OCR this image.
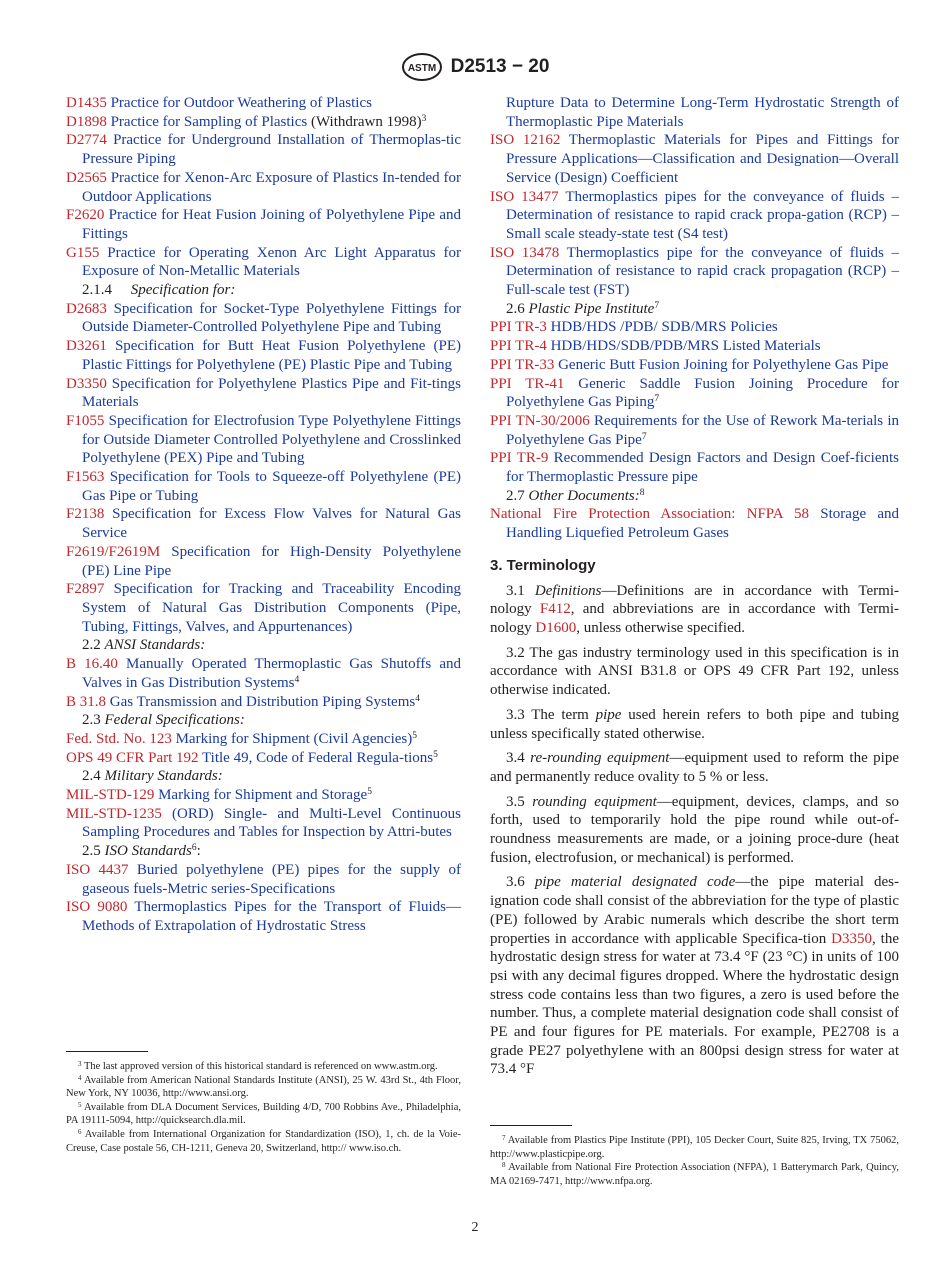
ASTM D2513 − 20
D1435 Practice for Outdoor Weathering of Plastics
D1898 Practice for Sampling of Plastics (Withdrawn 1998)$^3$
D2774 Practice for Underground Installation of Thermoplas-tic Pressure Piping
D2565 Practice for Xenon-Arc Exposure of Plastics In-tended for Outdoor Applications
F2620 Practice for Heat Fusion Joining of Polyethylene Pipe and Fittings
G155 Practice for Operating Xenon Arc Light Apparatus for Exposure of Non-Metallic Materials
2.1.4 Specification for:
D2683 Specification for Socket-Type Polyethylene Fittings for Outside Diameter-Controlled Polyethylene Pipe and Tubing
D3261 Specification for Butt Heat Fusion Polyethylene (PE) Plastic Fittings for Polyethylene (PE) Plastic Pipe and Tubing
D3350 Specification for Polyethylene Plastics Pipe and Fit-tings Materials
F1055 Specification for Electrofusion Type Polyethylene Fittings for Outside Diameter Controlled Polyethylene and Crosslinked Polyethylene (PEX) Pipe and Tubing
F1563 Specification for Tools to Squeeze-off Polyethylene (PE) Gas Pipe or Tubing
F2138 Specification for Excess Flow Valves for Natural Gas Service
F2619/F2619M Specification for High-Density Polyethylene (PE) Line Pipe
F2897 Specification for Tracking and Traceability Encoding System of Natural Gas Distribution Components (Pipe, Tubing, Fittings, Valves, and Appurtenances)
2.2 ANSI Standards:
B 16.40 Manually Operated Thermoplastic Gas Shutoffs and Valves in Gas Distribution Systems$^4$
B 31.8 Gas Transmission and Distribution Piping Systems$^4$
2.3 Federal Specifications:
Fed. Std. No. 123 Marking for Shipment (Civil Agencies)$^5$
OPS 49 CFR Part 192 Title 49, Code of Federal Regula-tions$^5$
2.4 Military Standards:
MIL-STD-129 Marking for Shipment and Storage$^5$
MIL-STD-1235 (ORD) Single- and Multi-Level Continuous Sampling Procedures and Tables for Inspection by Attri-butes
2.5 ISO Standards$^6$:
ISO 4437 Buried polyethylene (PE) pipes for the supply of gaseous fuels-Metric series-Specifications
ISO 9080 Thermoplastics Pipes for the Transport of Fluids—Methods of Extrapolation of Hydrostatic Stress
Rupture Data to Determine Long-Term Hydrostatic Strength of Thermoplastic Pipe Materials
ISO 12162 Thermoplastic Materials for Pipes and Fittings for Pressure Applications—Classification and Designation—Overall Service (Design) Coefficient
ISO 13477 Thermoplastics pipes for the conveyance of fluids – Determination of resistance to rapid crack propa-gation (RCP) – Small scale steady-state test (S4 test)
ISO 13478 Thermoplastics pipe for the conveyance of fluids – Determination of resistance to rapid crack propagation (RCP) – Full-scale test (FST)
2.6 Plastic Pipe Institute$^7$
PPI TR-3 HDB/HDS /PDB/ SDB/MRS Policies
PPI TR-4 HDB/HDS/SDB/PDB/MRS Listed Materials
PPI TR-33 Generic Butt Fusion Joining for Polyethylene Gas Pipe
PPI TR-41 Generic Saddle Fusion Joining Procedure for Polyethylene Gas Piping$^7$
PPI TN-30/2006 Requirements for the Use of Rework Ma-terials in Polyethylene Gas Pipe$^7$
PPI TR-9 Recommended Design Factors and Design Coef-ficients for Thermoplastic Pressure pipe
2.7 Other Documents:$^8$
National Fire Protection Association: NFPA 58 Storage and Handling Liquefied Petroleum Gases
3. Terminology
3.1 Definitions—Definitions are in accordance with Termi-nology F412, and abbreviations are in accordance with Termi-nology D1600, unless otherwise specified.
3.2 The gas industry terminology used in this specification is in accordance with ANSI B31.8 or OPS 49 CFR Part 192, unless otherwise indicated.
3.3 The term pipe used herein refers to both pipe and tubing unless specifically stated otherwise.
3.4 re-rounding equipment—equipment used to reform the pipe and permanently reduce ovality to 5 % or less.
3.5 rounding equipment—equipment, devices, clamps, and so forth, used to temporarily hold the pipe round while out-of-roundness measurements are made, or a joining proce-dure (heat fusion, electrofusion, or mechanical) is performed.
3.6 pipe material designated code—the pipe material des-ignation code shall consist of the abbreviation for the type of plastic (PE) followed by Arabic numerals which describe the short term properties in accordance with applicable Specifica-tion D3350, the hydrostatic design stress for water at 73.4 °F (23 °C) in units of 100 psi with any decimal figures dropped. Where the hydrostatic design stress code contains less than two figures, a zero is used before the number. Thus, a complete material designation code shall consist of PE and four figures for PE materials. For example, PE2708 is a grade PE27 polyethylene with an 800psi design stress for water at 73.4 °F

$^3$ The last approved version of this historical standard is referenced on www.astm.org.

$^4$ Available from American National Standards Institute (ANSI), 25 W. 43rd St., 4th Floor, New York, NY 10036, http://www.ansi.org.

$^5$ Available from DLA Document Services, Building 4/D, 700 Robbins Ave., Philadelphia, PA 19111-5094, http://quicksearch.dla.mil.

$^6$ Available from International Organization for Standardization (ISO), 1, ch. de la Voie-Creuse, Case postale 56, CH-1211, Geneva 20, Switzerland, http:// www.iso.ch.

$^7$ Available from Plastics Pipe Institute (PPI), 105 Decker Court, Suite 825, Irving, TX 75062, http://www.plasticpipe.org.

$^8$ Available from National Fire Protection Association (NFPA), 1 Batterymarch Park, Quincy, MA 02169-7471, http://www.nfpa.org.

2
